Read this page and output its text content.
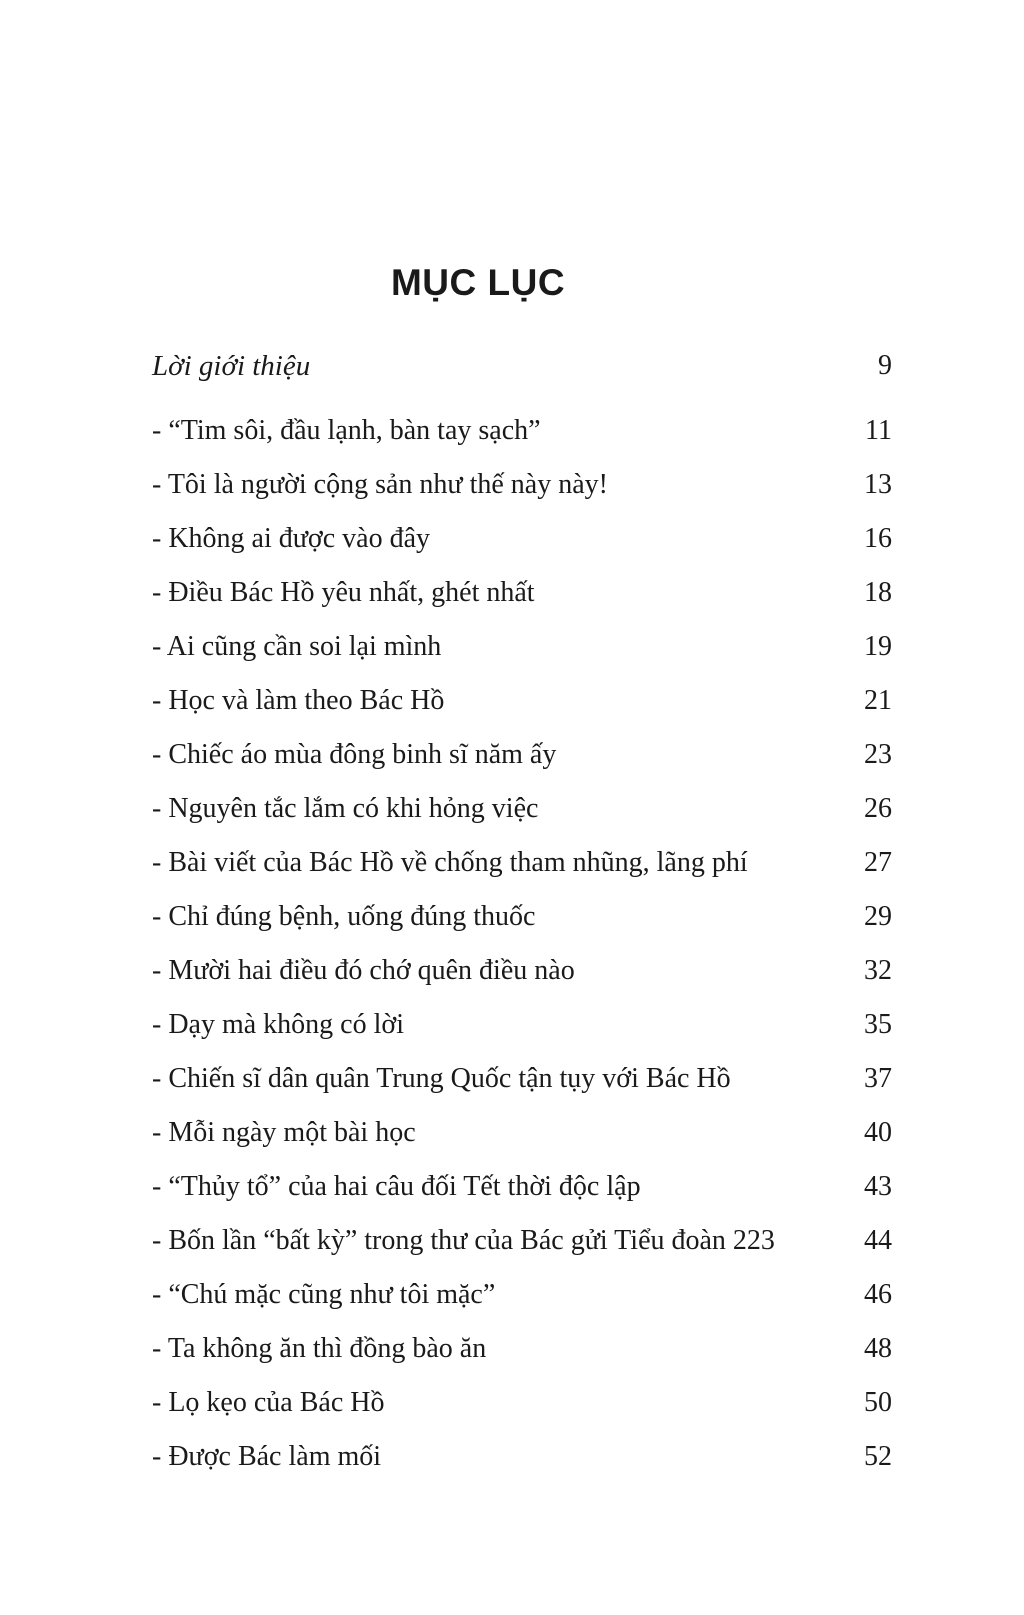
MỤC LỤC
Lời giới thiệu	9
- “Tim sôi, đầu lạnh, bàn tay sạch”	11
- Tôi là người cộng sản như thế này này!	13
- Không ai được vào đây	16
- Điều Bác Hồ yêu nhất, ghét nhất	18
- Ai cũng cần soi lại mình	19
- Học và làm theo Bác Hồ	21
- Chiếc áo mùa đông binh sĩ năm ấy	23
- Nguyên tắc lắm có khi hỏng việc	26
- Bài viết của Bác Hồ về chống tham nhũng, lãng phí	27
- Chỉ đúng bệnh, uống đúng thuốc	29
- Mười hai điều đó chớ quên điều nào	32
- Dạy mà không có lời	35
- Chiến sĩ dân quân Trung Quốc tận tụy với Bác Hồ	37
- Mỗi ngày một bài học	40
- “Thủy tổ” của hai câu đối Tết thời độc lập	43
- Bốn lần “bất kỳ” trong thư của Bác gửi Tiểu đoàn 223	44
- “Chú mặc cũng như tôi mặc”	46
- Ta không ăn thì đồng bào ăn	48
- Lọ kẹo của Bác Hồ	50
- Được Bác làm mối	52
